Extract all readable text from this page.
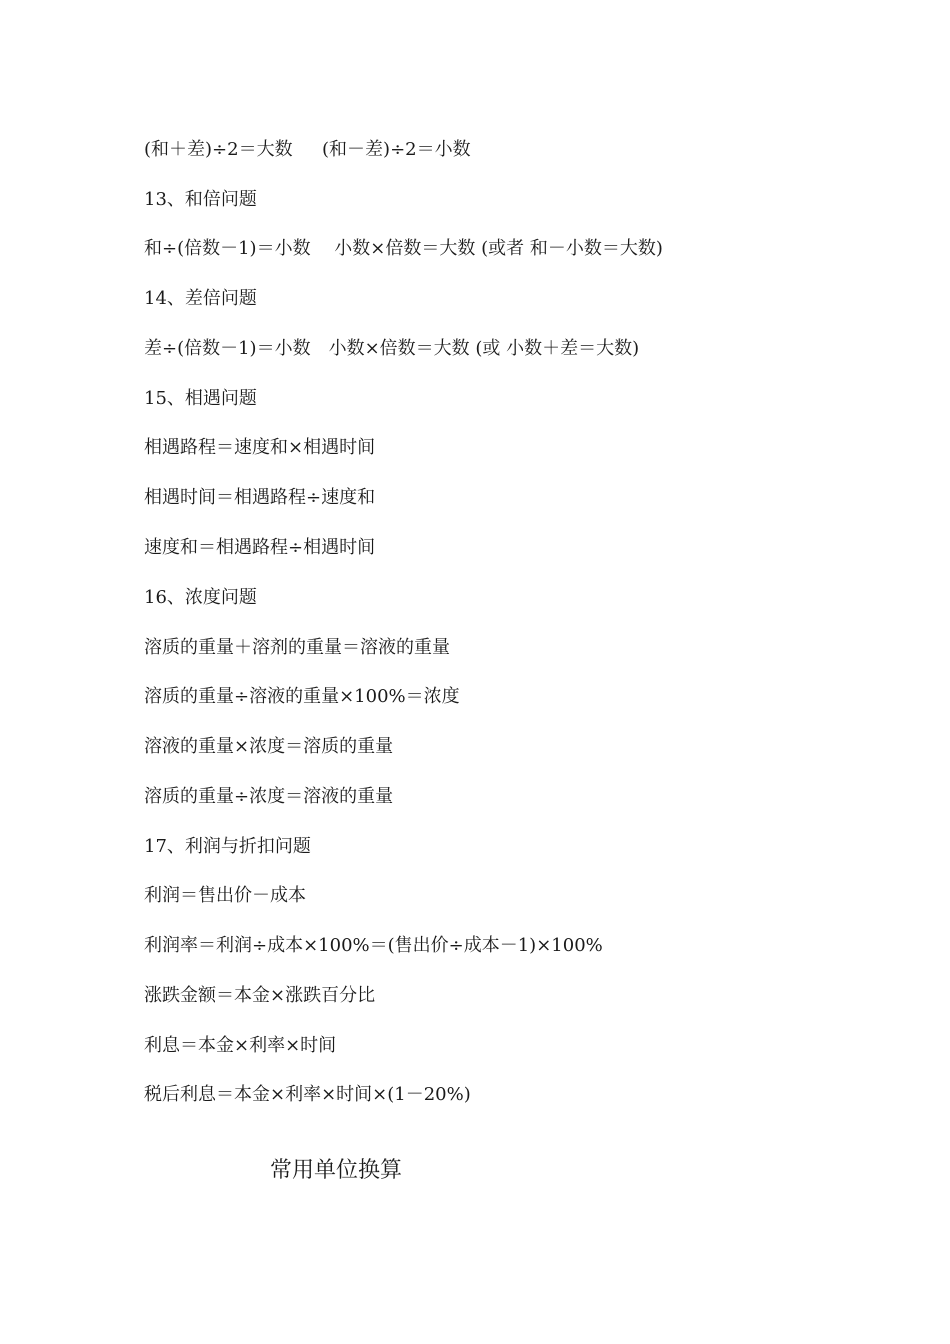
(和＋差)÷2＝大数　  (和－差)÷2＝小数
13、和倍问题
和÷(倍数－1)＝小数　 小数×倍数＝大数 (或者 和－小数＝大数)
14、差倍问题
差÷(倍数－1)＝小数　小数×倍数＝大数 (或 小数＋差＝大数)
15、相遇问题
相遇路程＝速度和×相遇时间
相遇时间＝相遇路程÷速度和
速度和＝相遇路程÷相遇时间
16、浓度问题
溶质的重量＋溶剂的重量＝溶液的重量
溶质的重量÷溶液的重量×100%＝浓度
溶液的重量×浓度＝溶质的重量
溶质的重量÷浓度＝溶液的重量
17、利润与折扣问题
利润＝售出价－成本
利润率＝利润÷成本×100%＝(售出价÷成本－1)×100%
涨跌金额＝本金×涨跌百分比
利息＝本金×利率×时间
税后利息＝本金×利率×时间×(1－20%)
常用单位换算
